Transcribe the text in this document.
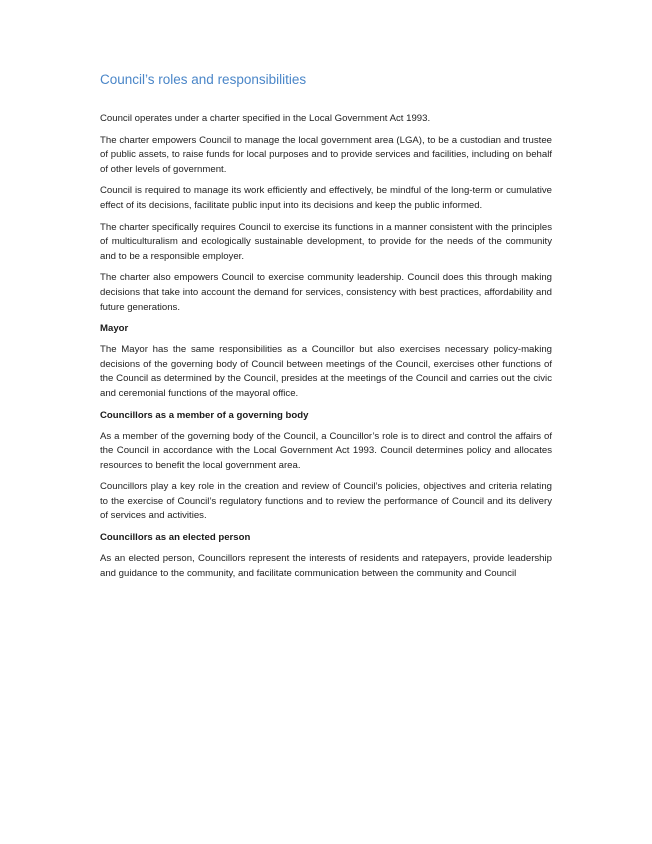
Council’s roles and responsibilities

Council operates under a charter specified in the Local Government Act 1993.

The charter empowers Council to manage the local government area (LGA), to be a custodian and trustee of public assets, to raise funds for local purposes and to provide services and facilities, including on behalf of other levels of government.

Council is required to manage its work efficiently and effectively, be mindful of the long-term or cumulative effect of its decisions, facilitate public input into its decisions and keep the public informed.

The charter specifically requires Council to exercise its functions in a manner consistent with the principles of multiculturalism and ecologically sustainable development, to provide for the needs of the community and to be a responsible employer.

The charter also empowers Council to exercise community leadership. Council does this through making decisions that take into account the demand for services, consistency with best practices, affordability and future generations.

Mayor

The Mayor has the same responsibilities as a Councillor but also exercises necessary policy-making decisions of the governing body of Council between meetings of the Council, exercises other functions of the Council as determined by the Council, presides at the meetings of the Council and carries out the civic and ceremonial functions of the mayoral office.

Councillors as a member of a governing body

As a member of the governing body of the Council, a Councillor’s role is to direct and control the affairs of the Council in accordance with the Local Government Act 1993. Council determines policy and allocates resources to benefit the local government area.

Councillors play a key role in the creation and review of Council’s policies, objectives and criteria relating to the exercise of Council’s regulatory functions and to review the performance of Council and its delivery of services and activities.

Councillors as an elected person

As an elected person, Councillors represent the interests of residents and ratepayers, provide leadership and guidance to the community, and facilitate communication between the community and Council
